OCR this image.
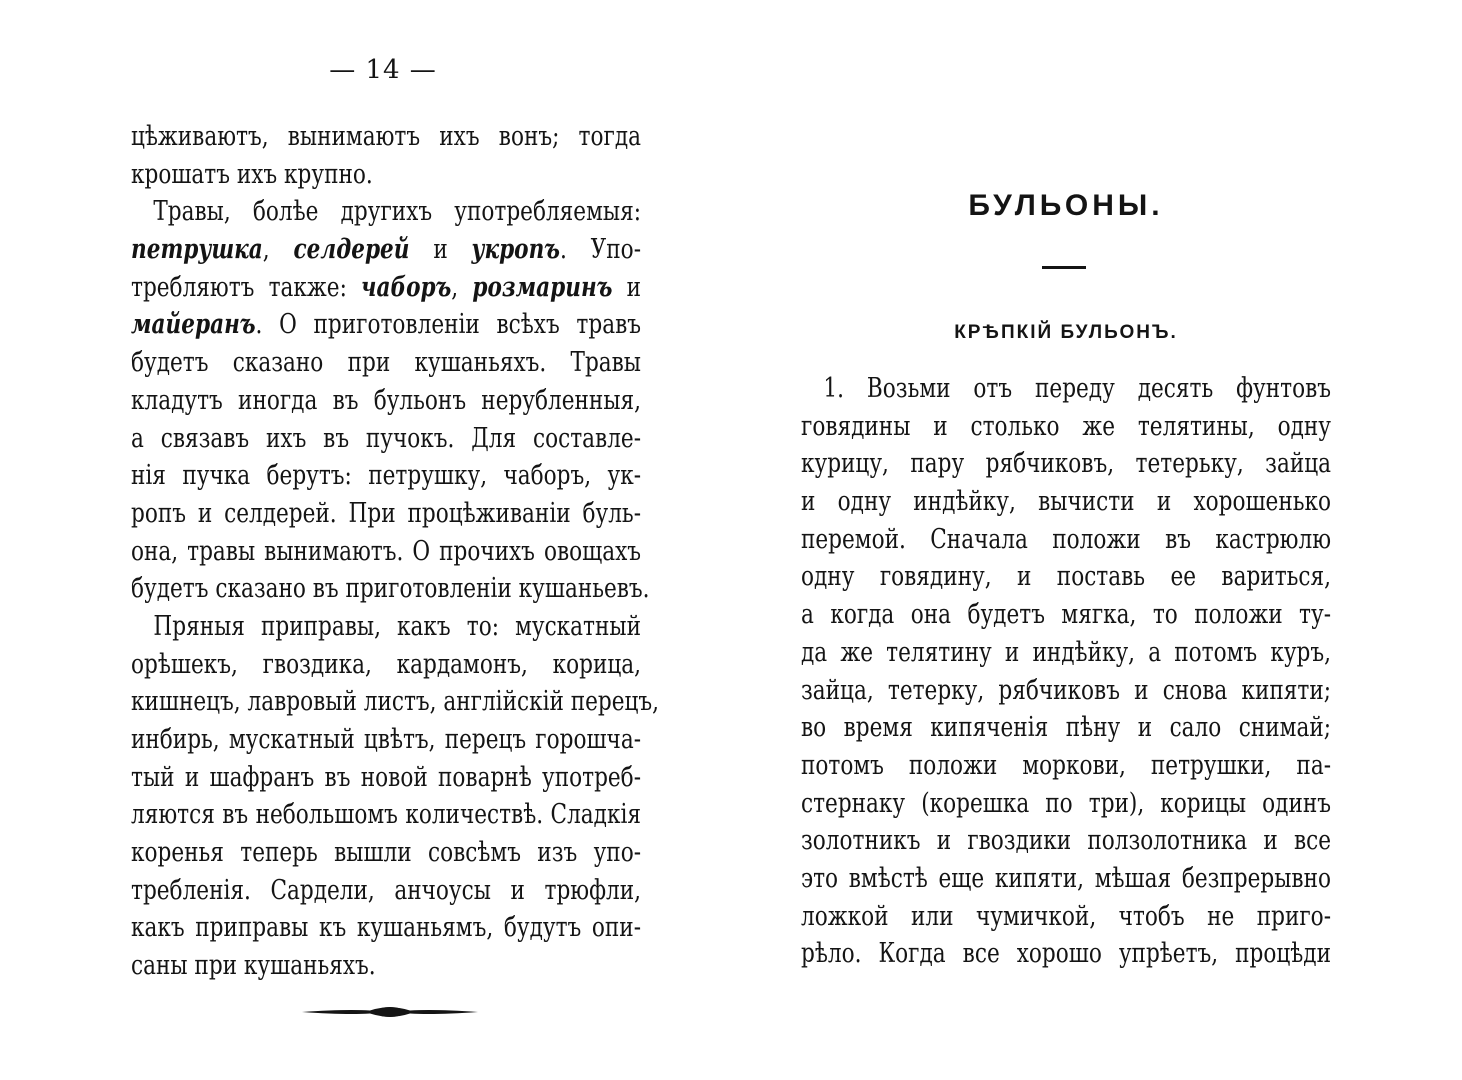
— 14 —
цѣживаютъ, вынимаютъ ихъ вонъ; тогда
крошатъ ихъ крупно.
Травы, болѣе другихъ употребляемыя:
петрушка, селдерей и укропъ. Упо-
требляютъ также: чаборъ, розмаринъ и
майеранъ. О приготовленіи всѣхъ травъ
будетъ сказано при кушаньяхъ. Травы
кладутъ иногда въ бульонъ нерубленныя,
а связавъ ихъ въ пучокъ. Для составле-
нія пучка берутъ: петрушку, чаборъ, ук-
ропъ и селдерей. При процѣживаніи буль-
она, травы вынимаютъ. О прочихъ овощахъ
будетъ сказано въ приготовленіи кушаньевъ.
Пряныя приправы, какъ то: мускатный
орѣшекъ, гвоздика, кардамонъ, корица,
кишнецъ, лавровый листъ, англійскій перецъ,
инбирь, мускатный цвѣтъ, перецъ горошча-
тый и шафранъ въ новой поварнѣ употреб-
ляются въ небольшомъ количествѣ. Сладкія
коренья теперь вышли совсѣмъ изъ упо-
требленія. Сардели, анчоусы и трюфли,
какъ приправы къ кушаньямъ, будутъ опи-
саны при кушаньяхъ.
БУЛЬОНЫ.
КРѢПКІЙ БУЛЬОНЪ.
1. Возьми отъ переду десять фунтовъ
говядины и столько же телятины, одну
курицу, пару рябчиковъ, тетерьку, зайца
и одну индѣйку, вычисти и хорошенько
перемой. Сначала положи въ кастрюлю
одну говядину, и поставь ее вариться,
а когда она будетъ мягка, то положи ту-
да же телятину и индѣйку, а потомъ куръ,
зайца, тетерку, рябчиковъ и снова кипяти;
во время кипяченія пѣну и сало снимай;
потомъ положи моркови, петрушки, па-
стернаку (корешка по три), корицы одинъ
золотникъ и гвоздики ползолотника и все
это вмѣстѣ еще кипяти, мѣшая безпрерывно
ложкой или чумичкой, чтобъ не приго-
рѣло. Когда все хорошо упрѣетъ, процѣди
